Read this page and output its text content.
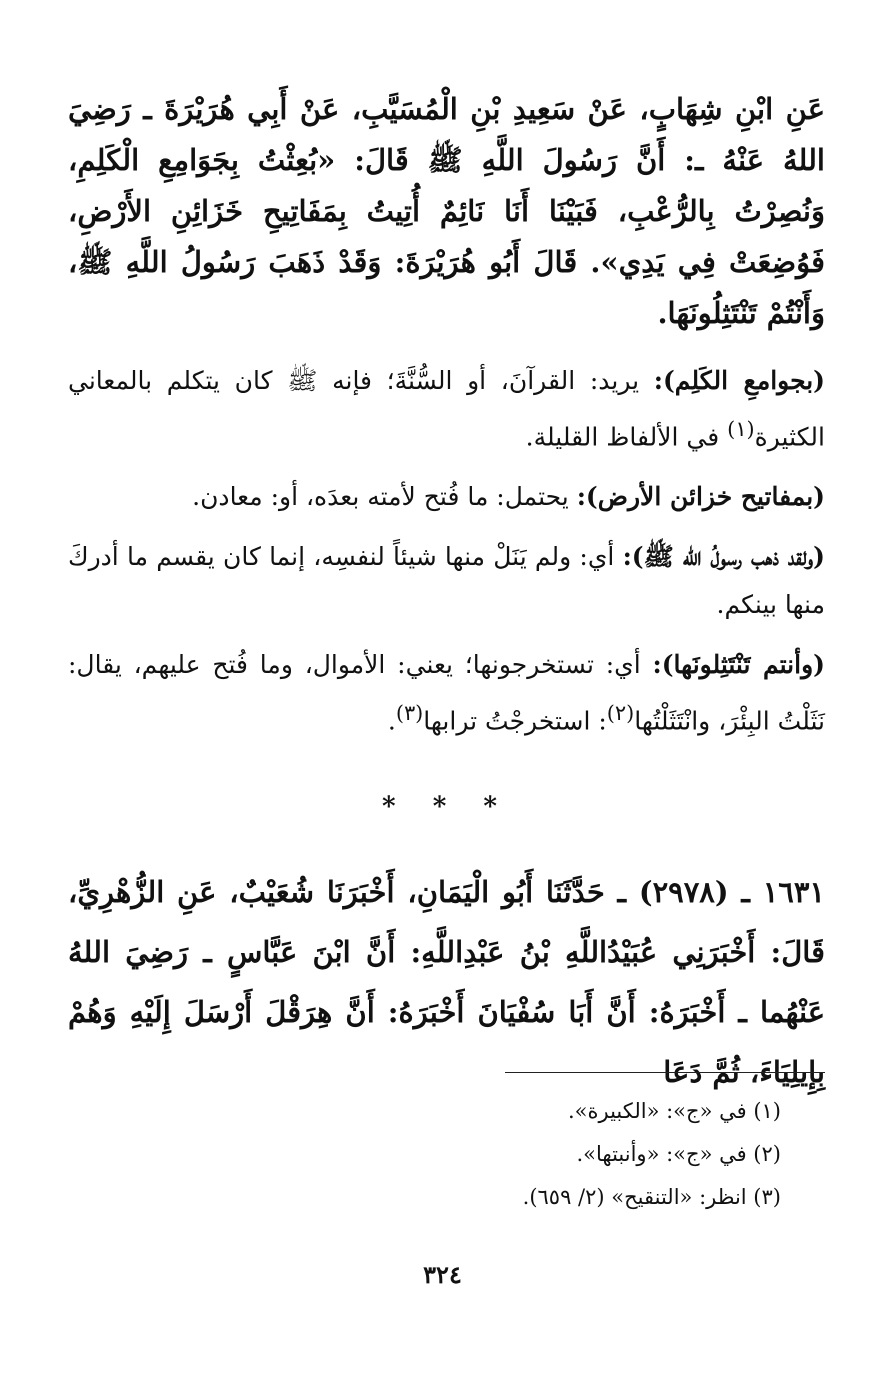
عَنِ ابْنِ شِهَابٍ، عَنْ سَعِيدِ بْنِ الْمُسَيَّبِ، عَنْ أَبِي هُرَيْرَةَ ـ رَضِيَ اللهُ عَنْهُ ـ: أَنَّ رَسُولَ اللَّهِ ﷺ قَالَ: «بُعِثْتُ بِجَوَامِعِ الْكَلِمِ، وَنُصِرْتُ بِالرُّعْبِ، فَبَيْنَا أَنَا نَائِمٌ أُتِيتُ بِمَفَاتِيحِ خَزَائِنِ الأَرْضِ، فَوُضِعَتْ فِي يَدِي». قَالَ أَبُو هُرَيْرَةَ: وَقَدْ ذَهَبَ رَسُولُ اللَّهِ ﷺ، وَأَنْتُمْ تَنْتَثِلُونَهَا.

(بجوامعِ الكَلِم): يريد: القرآنَ، أو السُّنَّةَ؛ فإنه ﷺ كان يتكلم بالمعاني الكثيرة$^{(١)}$ في الألفاظ القليلة.

(بمفاتيح خزائن الأرض): يحتمل: ما فُتح لأمته بعدَه، أو: معادن.

(ولقد ذهب رسولُ الله ﷺ): أي: ولم يَنَلْ منها شيئاً لنفسِه، إنما كان يقسم ما أدركَ منها بينكم.

(وأنتم تَنْتَثِلونَها): أي: تستخرجونها؛ يعني: الأموال، وما فُتح عليهم، يقال: نَثَلْتُ البِئْرَ، وانْتَثَلْتُها$^{(٢)}$: استخرجْتُ ترابها$^{(٣)}$.

* * *

١٦٣١ ـ (٢٩٧٨) ـ حَدَّثَنَا أَبُو الْيَمَانِ، أَخْبَرَنَا شُعَيْبٌ، عَنِ الزُّهْرِيِّ، قَالَ: أَخْبَرَنِي عُبَيْدُاللَّهِ بْنُ عَبْدِاللَّهِ: أَنَّ ابْنَ عَبَّاسٍ ـ رَضِيَ اللهُ عَنْهُما ـ أَخْبَرَهُ: أَنَّ أَبَا سُفْيَانَ أَخْبَرَهُ: أَنَّ هِرَقْلَ أَرْسَلَ إِلَيْهِ وَهُمْ بِإِيلِيَاءَ، ثُمَّ دَعَا

(١) في «ج»: «الكبيرة».

(٢) في «ج»: «وأنبتها».

(٣) انظر: «التنقيح» (٢/ ٦٥٩).

٣٢٤
